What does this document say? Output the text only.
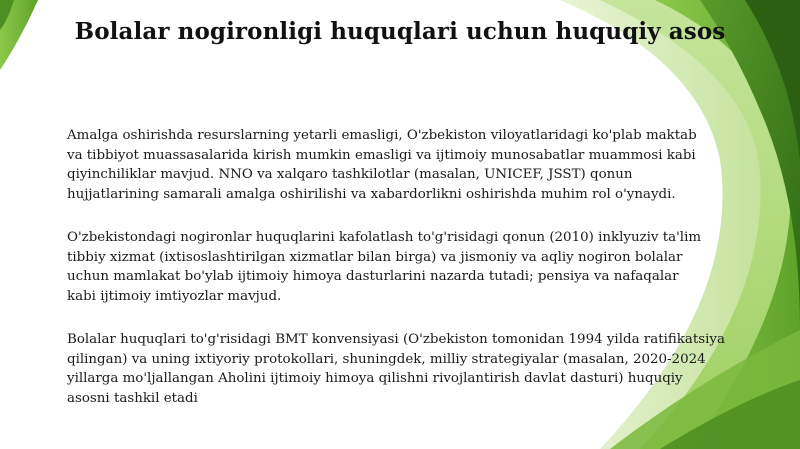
Bolalar nogironligi huquqlari uchun huquqiy asos

Amalga oshirishda resurslarning yetarli emasligi, O'zbekiston viloyatlaridagi ko'plab maktab
va tibbiyot muassasalarida kirish mumkin emasligi va ijtimoiy munosabatlar muammosi kabi
qiyinchiliklar mavjud. NNO va xalqaro tashkilotlar (masalan, UNICEF, JSST) qonun
hujjatlarining samarali amalga oshirilishi va xabardorlikni oshirishda muhim rol o'ynaydi.

O'zbekistondagi nogironlar huquqlarini kafolatlash to'g'risidagi qonun (2010) inklyuziv ta'lim
tibbiy xizmat (ixtisoslashtirilgan xizmatlar bilan birga) va jismoniy va aqliy nogiron bolalar
uchun mamlakat bo'ylab ijtimoiy himoya dasturlarini nazarda tutadi; pensiya va nafaqalar
kabi ijtimoiy imtiyozlar mavjud.

Bolalar huquqlari to'g'risidagi BMT konvensiyasi (O'zbekiston tomonidan 1994 yilda ratifikatsiya
qilingan) va uning ixtiyoriy protokollari, shuningdek, milliy strategiyalar (masalan, 2020-2024
yillarga mo'ljallangan Aholini ijtimoiy himoya qilishni rivojlantirish davlat dasturi) huquqiy
asosni tashkil etadi
